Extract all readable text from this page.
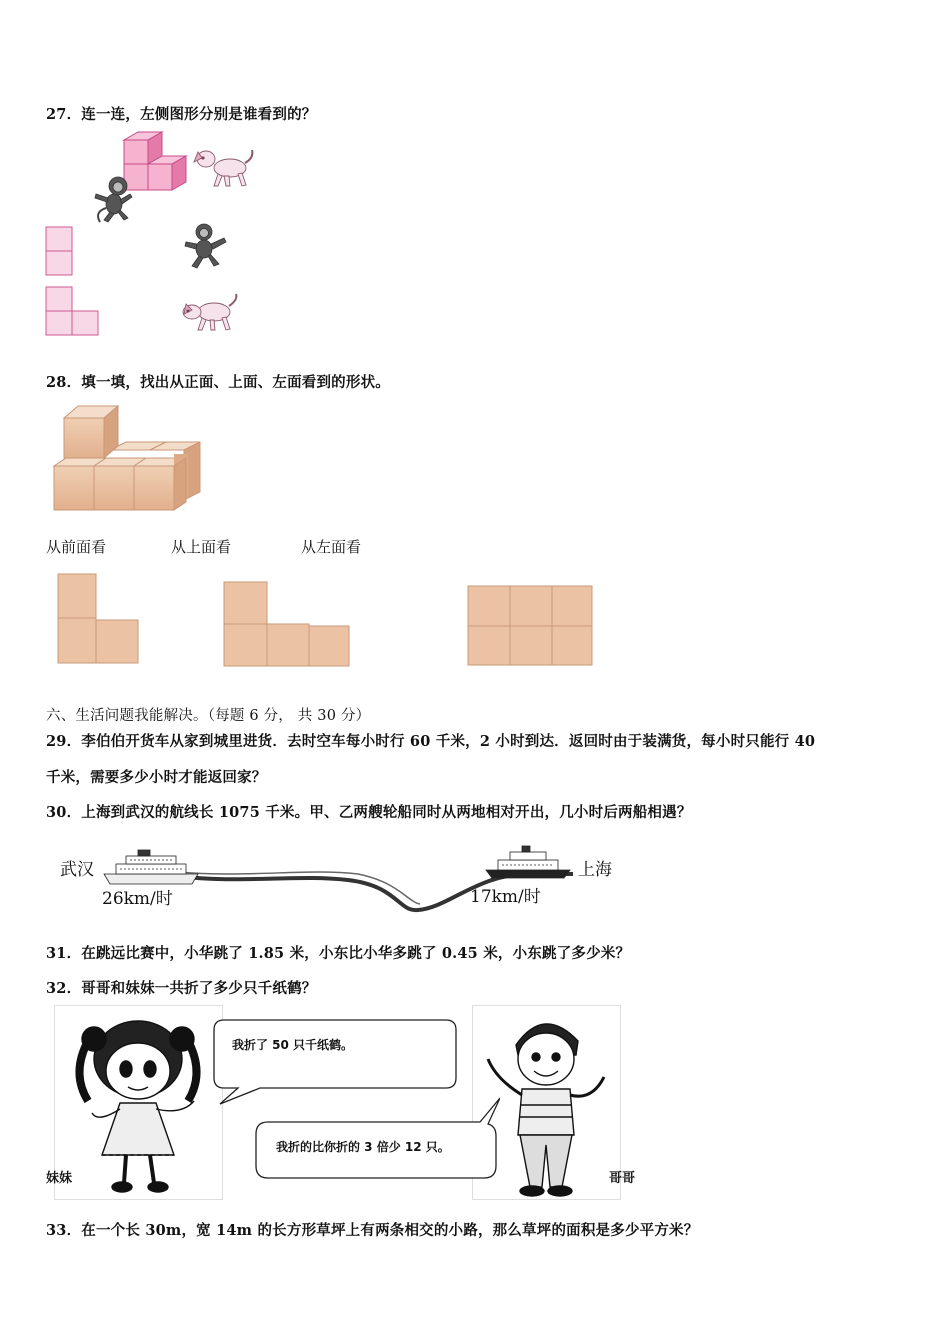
27．连一连，左侧图形分别是谁看到的？
28．填一填，找出从正面、上面、左面看到的形状。
从前面看	从上面看	从左面看
六、生活问题我能解决。（每题 6 分， 共 30 分）
29．李伯伯开货车从家到城里进货．去时空车每小时行 60 千米，2 小时到达．返回时由于装满货，每小时只能行 40
千米，需要多少小时才能返回家？
30．上海到武汉的航线长 1075 千米。甲、乙两艘轮船同时从两地相对开出，几小时后两船相遇？
武汉	上海
26km/时	17km/时
31．在跳远比赛中，小华跳了 1.85 米，小东比小华多跳了 0.45 米，小东跳了多少米？
32．哥哥和妹妹一共折了多少只千纸鹤？
妹妹	哥哥
我折了 50 只千纸鹤。
我折的比你折的 3 倍少 12 只。
33．在一个长 30m，宽 14m 的长方形草坪上有两条相交的小路，那么草坪的面积是多少平方米？
